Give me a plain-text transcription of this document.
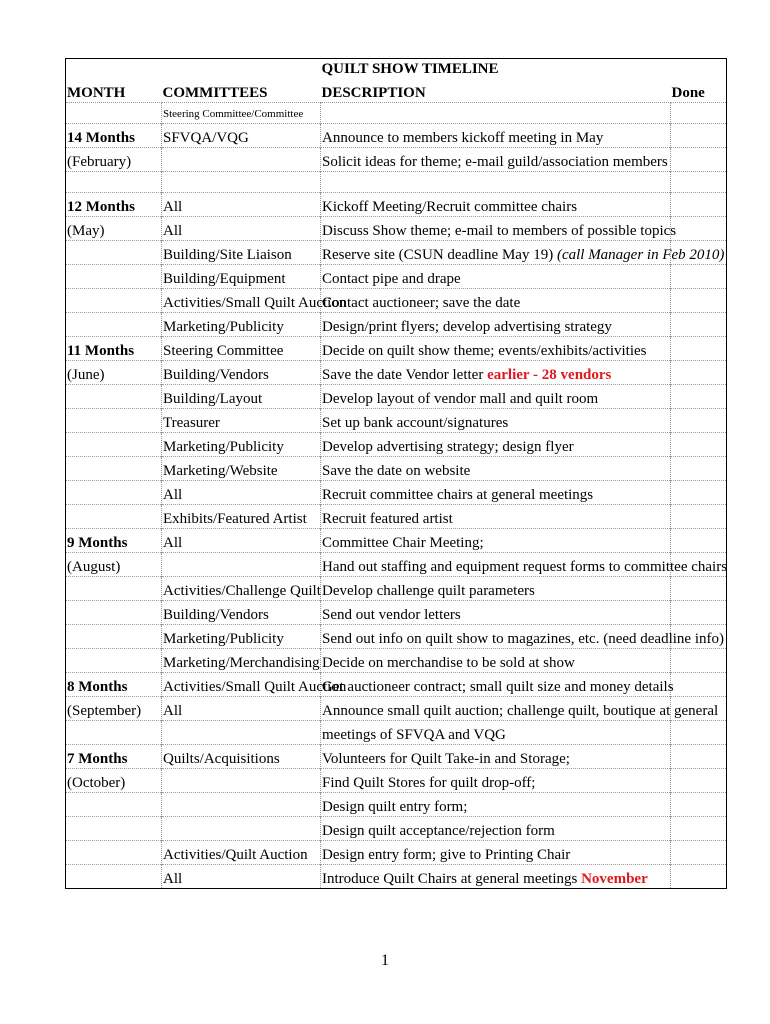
		QUILT SHOW TIMELINE	
MONTH	COMMITTEES	DESCRIPTION	Done
	Steering Committee/Committee		
14 Months	SFVQA/VQG	Announce to members kickoff meeting in May	
(February)		Solicit ideas for theme; e-mail guild/association members	

12 Months	All	Kickoff Meeting/Recruit committee chairs	
(May)	All	Discuss Show theme; e-mail to members of possible topics	
	Building/Site Liaison	Reserve site (CSUN deadline May 19) (call Manager in Feb 2010)	
	Building/Equipment	Contact pipe and drape	
	Activities/Small Quilt Auction	Contact auctioneer; save the date	
	Marketing/Publicity	Design/print flyers; develop advertising strategy	
11 Months	Steering Committee	Decide on quilt show theme; events/exhibits/activities	
(June)	Building/Vendors	Save the date Vendor letter earlier - 28 vendors	
	Building/Layout	Develop layout of vendor mall and quilt room	
	Treasurer	Set up bank account/signatures	
	Marketing/Publicity	Develop advertising strategy; design flyer	
	Marketing/Website	Save the date on website	
	All	Recruit committee chairs at general meetings	
	Exhibits/Featured Artist	Recruit featured artist	
9 Months	All	Committee Chair Meeting;	
(August)		Hand out staffing and equipment request forms to committee chairs	
	Activities/Challenge Quilt	Develop challenge quilt parameters	
	Building/Vendors	Send out vendor letters	
	Marketing/Publicity	Send out info on quilt show to magazines, etc. (need deadline info)	
	Marketing/Merchandising	Decide on merchandise to be sold at show	
8 Months	Activities/Small Quilt Auction	Get auctioneer contract; small quilt size and money details	
(September)	All	Announce small quilt auction; challenge quilt, boutique at general	
		meetings of SFVQA and VQG	
7 Months	Quilts/Acquisitions	Volunteers for Quilt Take-in and Storage;	
(October)		Find Quilt Stores for quilt drop-off;	
		Design quilt entry form;	
		Design quilt acceptance/rejection form	
	Activities/Quilt Auction	Design entry form; give to Printing Chair	
	All	Introduce Quilt Chairs at general meetings November	
1
